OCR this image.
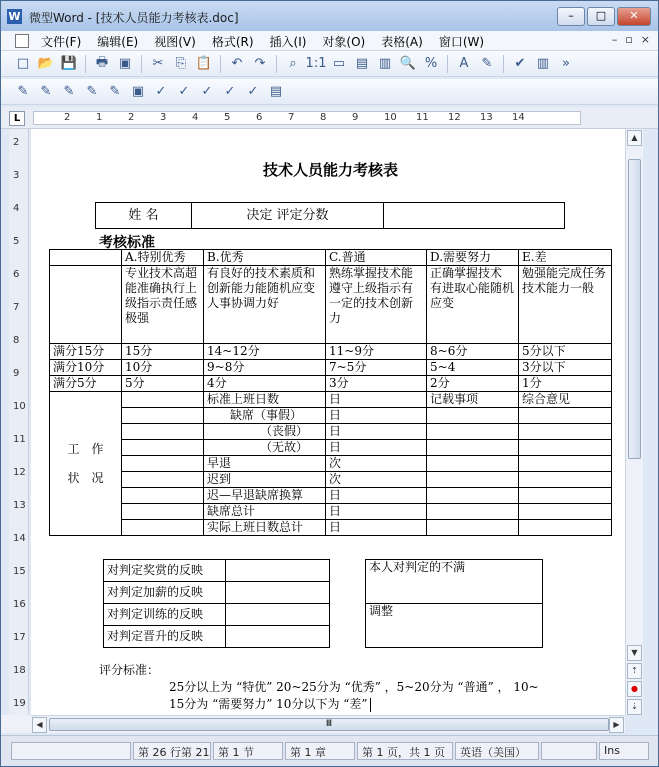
W 微型Word - [技术人员能力考核表.doc]	–	□	✕
文件(F) 编辑(E) 视图(V) 格式(R) 插入(I) 对象(O) 表格(A) 窗口(W)	– ▫ ×
□ 📂 💾 🖶 ▣	✂ ⎘ 📋	↶ ↷	⌕ 1:1 ▭ ▤ ▥ 🔍 %	A	✎	✔ ▥ »
✎ ✎ ✎ ✎ ✎ ▣ ✓ ✓ ✓ ✓ ✓ ▤
L	2	1	2	3	4	5	6	7	8	9	10 11 12 13 14
2
3
4
5
6
7
8
9
10
11
12
13
14
15
16
17
18
19
技术人员能力考核表
姓 名	决定 评定分数	
考核标准
	A.特别优秀	B.优秀	C.普通	D.需要努力	E.差
	专业技术高超 能准确执行上级指示责任感极强	有良好的技术素质和创新能力能随机应变人事协调力好	熟练掌握技术能遵守上级指示有一定的技术创新力	正确掌握技术 有进取心能随机应变	勉强能完成任务 技术能力一般
满分15分	15分	14~12分	11~9分	8~6分	5分以下
满分10分	10分	9~8分	7~5分	5~4	3分以下
满分5分	5分	4分	3分	2分	1分

工　作
状　况		标准上班日数	日	记载事项	综合意见
		缺席（事假）	日		
		（丧假）	日		
		（无故）	日		
		早退	次		
		迟到	次		
		迟—早退缺席换算	日		
		缺席总计	日		
		实际上班日数总计	日		
对判定奖赏的反映	
对判定加薪的反映	
对判定训练的反映	
对判定晋升的反映	
本人对判定的不满
调整
评分标准：
25分以上为 “特优” 20~25分为 “优秀” ，5~20分为 “普通” ， 10~
15分为 “需要努力” 10分以下为 “差”
▲
▼
⇡
●
⇣
◀	Ⅲ	▶
第 26 行第 21 第 1 节	第 1 章	第 1 页，共 1 页	英语（美国）	Ins
